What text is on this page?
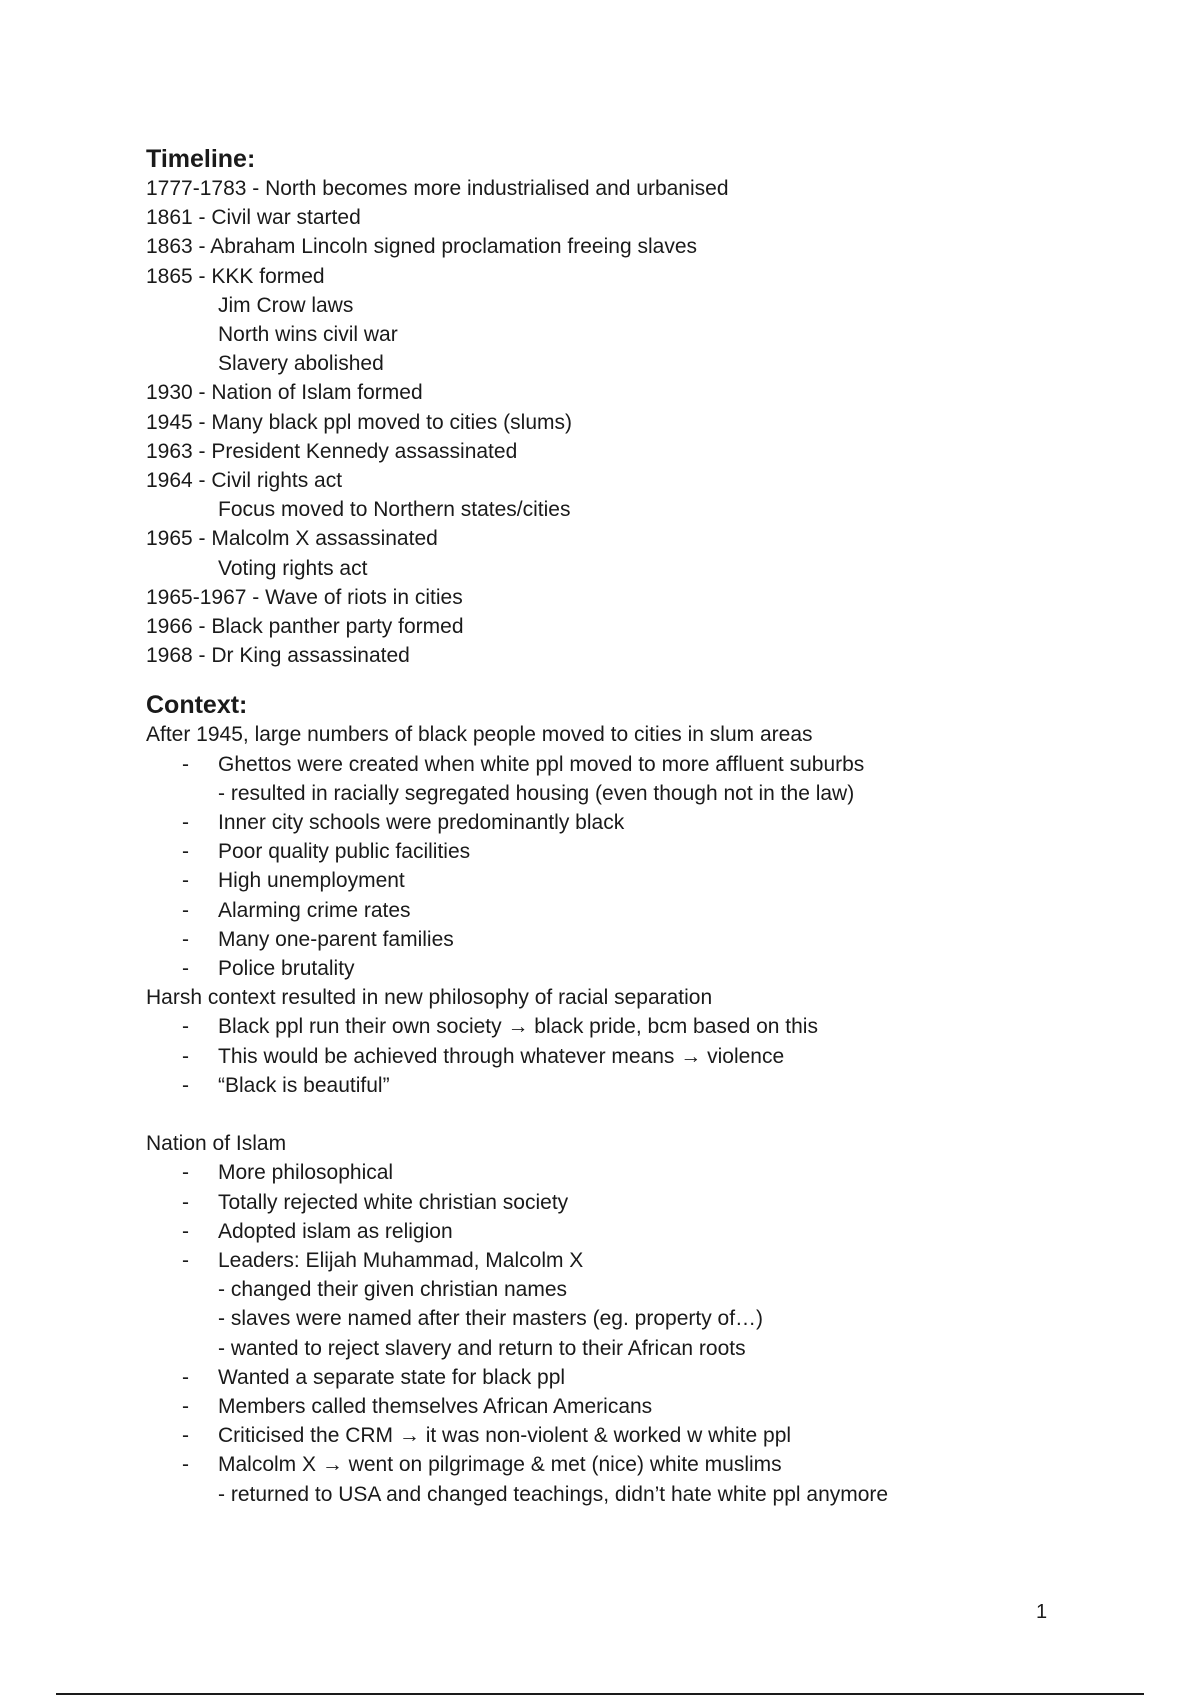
Timeline:
1777-1783 - North becomes more industrialised and urbanised
1861 - Civil war started
1863 - Abraham Lincoln signed proclamation freeing slaves
1865 - KKK formed
Jim Crow laws
North wins civil war
Slavery abolished
1930 - Nation of Islam formed
1945 - Many black ppl moved to cities (slums)
1963 - President Kennedy assassinated
1964 - Civil rights act
Focus moved to Northern states/cities
1965 - Malcolm X assassinated
Voting rights act
1965-1967 - Wave of riots in cities
1966 - Black panther party formed
1968 - Dr King assassinated
Context:
After 1945, large numbers of black people moved to cities in slum areas
- Ghettos were created when white ppl moved to more affluent suburbs
- resulted in racially segregated housing (even though not in the law)
- Inner city schools were predominantly black
- Poor quality public facilities
- High unemployment
- Alarming crime rates
- Many one-parent families
- Police brutality
Harsh context resulted in new philosophy of racial separation
- Black ppl run their own society → black pride, bcm based on this
- This would be achieved through whatever means → violence
- “Black is beautiful”
Nation of Islam
- More philosophical
- Totally rejected white christian society
- Adopted islam as religion
- Leaders: Elijah Muhammad, Malcolm X
- changed their given christian names
- slaves were named after their masters (eg. property of…)
- wanted to reject slavery and return to their African roots
- Wanted a separate state for black ppl
- Members called themselves African Americans
- Criticised the CRM → it was non-violent & worked w white ppl
- Malcolm X → went on pilgrimage & met (nice) white muslims
- returned to USA and changed teachings, didn’t hate white ppl anymore
1
